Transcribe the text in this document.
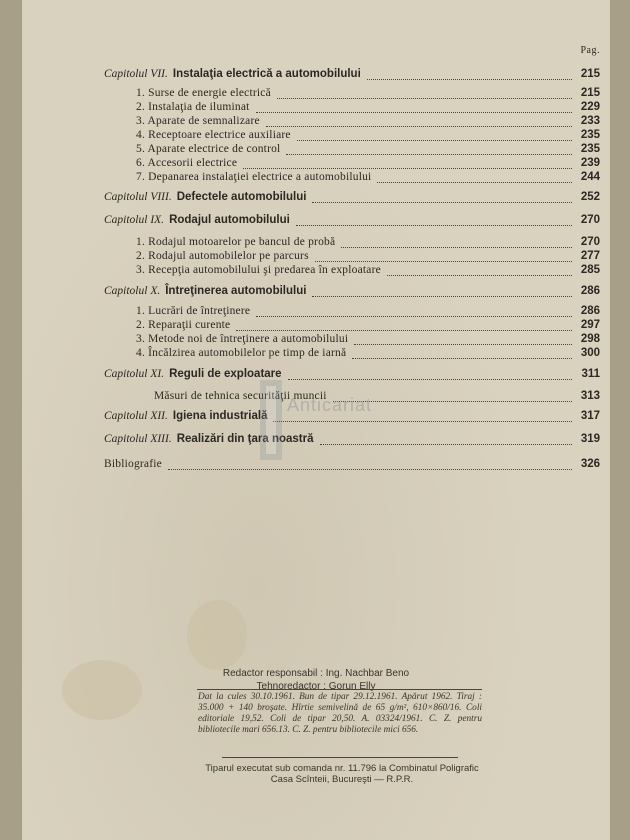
Pag.
Capitolul VII. Instalaţia electrică a automobilului	215
1. Surse de energie electrică	215
2. Instalaţia de iluminat	229
3. Aparate de semnalizare	233
4. Receptoare electrice auxiliare	235
5. Aparate electrice de control	235
6. Accesorii electrice	239
7. Depanarea instalaţiei electrice a automobilului	244
Capitolul VIII. Defectele automobilului	252
Capitolul IX. Rodajul automobilului	270
1. Rodajul motoarelor pe bancul de probă	270
2. Rodajul automobilelor pe parcurs	277
3. Recepţia automobilului şi predarea în exploatare	285
Capitolul X. Întreţinerea automobilului	286
1. Lucrări de întreţinere	286
2. Reparaţii curente	297
3. Metode noi de întreţinere a automobilului	298
4. Încălzirea automobilelor pe timp de iarnă	300
Capitolul XI. Reguli de exploatare	311
Măsuri de tehnica securităţii muncii	313
Capitolul XII. Igiena industrială	317
Capitolul XIII. Realizări din ţara noastră	319
Bibliografie	326
Anticariat
Redactor responsabil : Ing. Nachbar Beno
Tehnoredactor : Gorun Elly
Dat la cules 30.10.1961. Bun de tipar 29.12.1961. Apărut 1962. Tiraj : 35.000 + 140 broşate. Hîrtie semivelină de 65 g/m², 610×860/16. Coli editoriale 19,52. Coli de tipar 20,50. A. 03324/1961. C. Z. pentru bibliotecile mari 656.13. C. Z. pentru bibliotecile mici 656.
Tiparul executat sub comanda nr. 11.796 la Combinatul Poligrafic Casa Scînteii, Bucureşti — R.P.R.
